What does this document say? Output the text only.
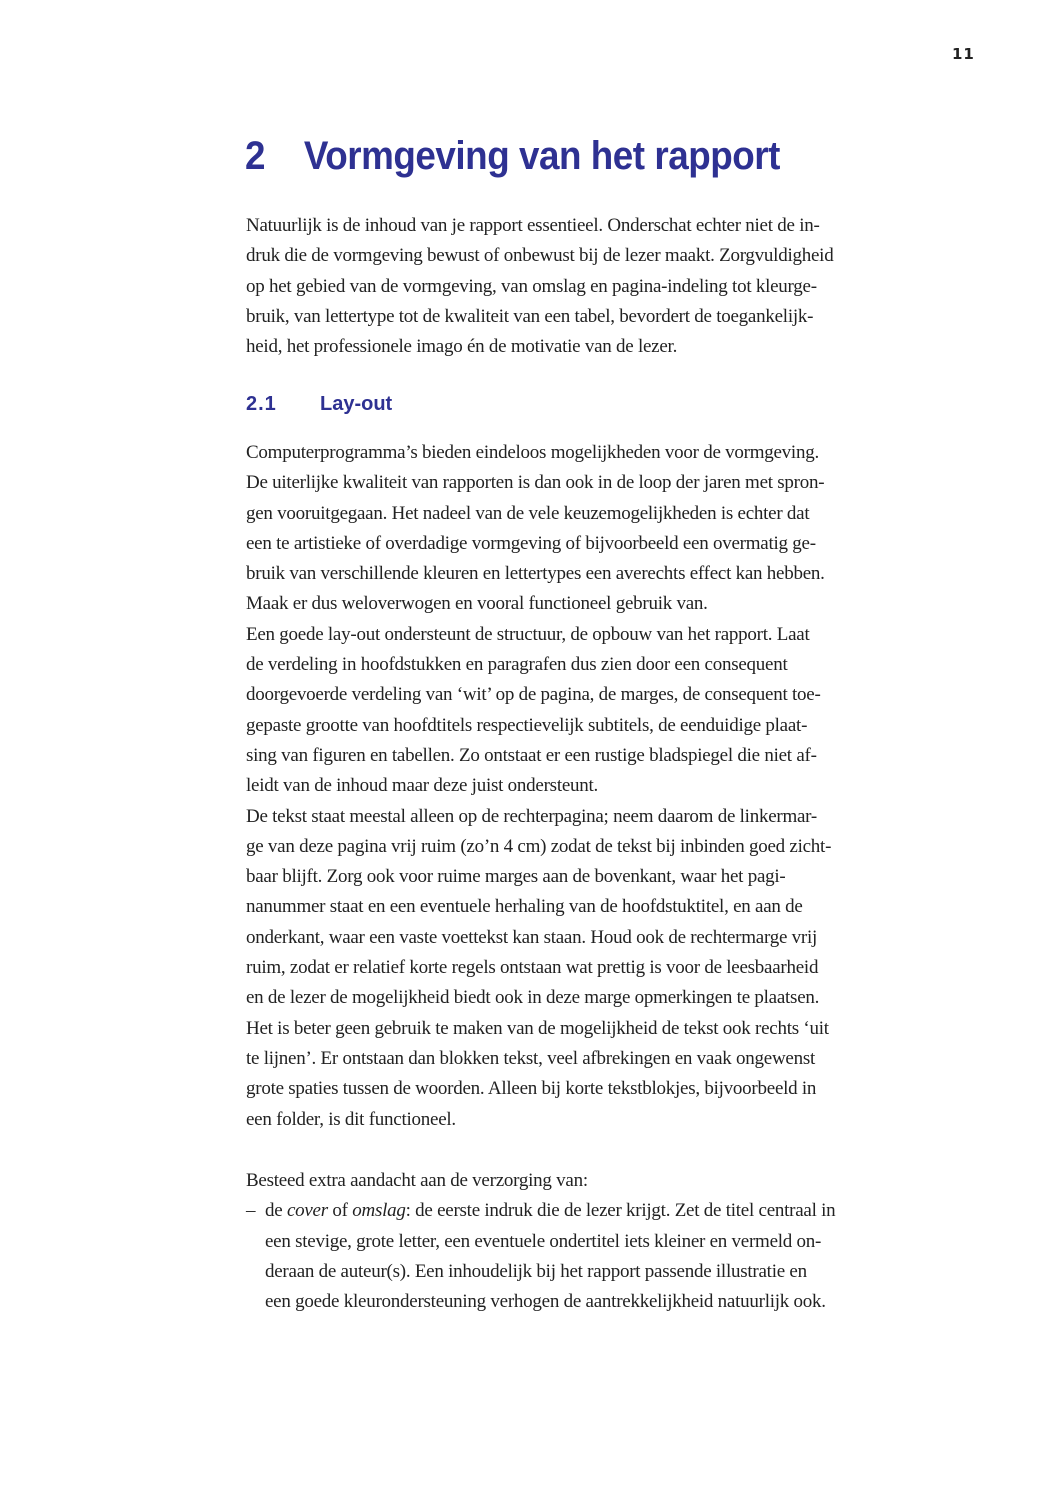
11
2 Vormgeving van het rapport
Natuurlijk is de inhoud van je rapport essentieel. Onderschat echter niet de in-
druk die de vormgeving bewust of onbewust bij de lezer maakt. Zorgvuldigheid
op het gebied van de vormgeving, van omslag en pagina-indeling tot kleurge-
bruik, van lettertype tot de kwaliteit van een tabel, bevordert de toegankelijk-
heid, het professionele imago én de motivatie van de lezer.
2.1 Lay-out
Computerprogramma’s bieden eindeloos mogelijkheden voor de vormgeving.
De uiterlijke kwaliteit van rapporten is dan ook in de loop der jaren met spron-
gen vooruitgegaan. Het nadeel van de vele keuzemogelijkheden is echter dat
een te artistieke of overdadige vormgeving of bijvoorbeeld een overmatig ge-
bruik van verschillende kleuren en lettertypes een averechts effect kan hebben.
Maak er dus weloverwogen en vooral functioneel gebruik van.
Een goede lay-out ondersteunt de structuur, de opbouw van het rapport. Laat
de verdeling in hoofdstukken en paragrafen dus zien door een consequent
doorgevoerde verdeling van ‘wit’ op de pagina, de marges, de consequent toe-
gepaste grootte van hoofdtitels respectievelijk subtitels, de eenduidige plaat-
sing van figuren en tabellen. Zo ontstaat er een rustige bladspiegel die niet af-
leidt van de inhoud maar deze juist ondersteunt.
De tekst staat meestal alleen op de rechterpagina; neem daarom de linkermar-
ge van deze pagina vrij ruim (zo’n 4 cm) zodat de tekst bij inbinden goed zicht-
baar blijft. Zorg ook voor ruime marges aan de bovenkant, waar het pagi-
nanummer staat en een eventuele herhaling van de hoofdstuktitel, en aan de
onderkant, waar een vaste voettekst kan staan. Houd ook de rechtermarge vrij
ruim, zodat er relatief korte regels ontstaan wat prettig is voor de leesbaarheid
en de lezer de mogelijkheid biedt ook in deze marge opmerkingen te plaatsen.
Het is beter geen gebruik te maken van de mogelijkheid de tekst ook rechts ‘uit
te lijnen’. Er ontstaan dan blokken tekst, veel afbrekingen en vaak ongewenst
grote spaties tussen de woorden. Alleen bij korte tekstblokjes, bijvoorbeeld in
een folder, is dit functioneel.
Besteed extra aandacht aan de verzorging van:
– de cover of omslag: de eerste indruk die de lezer krijgt. Zet de titel centraal in
een stevige, grote letter, een eventuele ondertitel iets kleiner en vermeld on-
deraan de auteur(s). Een inhoudelijk bij het rapport passende illustratie en
een goede kleurondersteuning verhogen de aantrekkelijkheid natuurlijk ook.
